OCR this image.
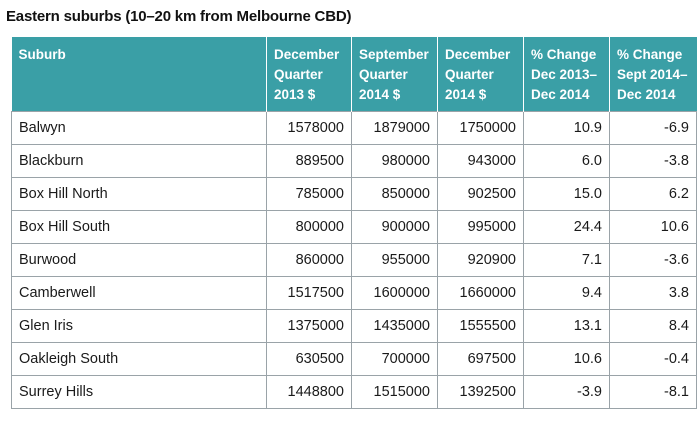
Eastern suburbs (10–20 km from Melbourne CBD)
Suburb	December Quarter 2013 $	September Quarter 2014 $	December Quarter 2014 $	% Change Dec 2013– Dec 2014	% Change Sept 2014– Dec 2014
Balwyn	1578000	1879000	1750000	10.9	-6.9
Blackburn	889500	980000	943000	6.0	-3.8
Box Hill North	785000	850000	902500	15.0	6.2
Box Hill South	800000	900000	995000	24.4	10.6
Burwood	860000	955000	920900	7.1	-3.6
Camberwell	1517500	1600000	1660000	9.4	3.8
Glen Iris	1375000	1435000	1555500	13.1	8.4
Oakleigh South	630500	700000	697500	10.6	-0.4
Surrey Hills	1448800	1515000	1392500	-3.9	-8.1
